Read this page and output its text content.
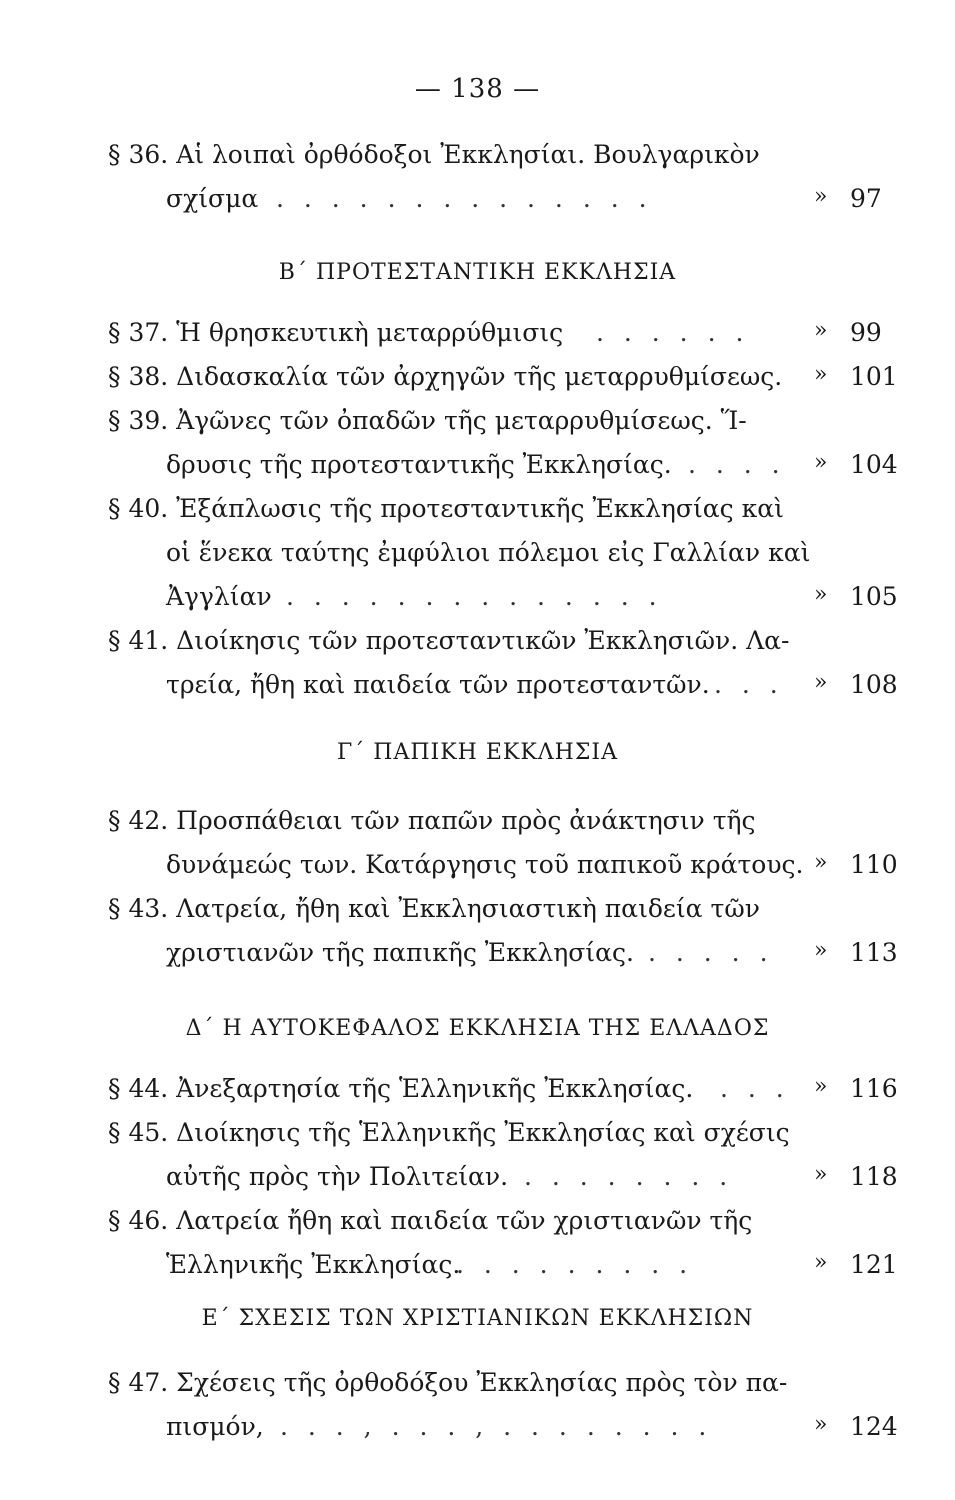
— 138 —
§ 36. Αἱ λοιπαὶ ὀρθόδοξοι Ἐκκλησίαι. Βουλγαρικὸν
σχίσμα . . . . . . . . . . . . . .	» 97
Β΄ ΠΡΟΤΕΣΤΑΝΤΙΚΗ ΕΚΚΛΗΣΙΑ
§ 37. Ἡ θρησκευτικὴ μεταρρύθμισις . . . . . .	» 99
§ 38. Διδασκαλία τῶν ἀρχηγῶν τῆς μεταρρυθμίσεως. » 101
§ 39. Ἀγῶνες τῶν ὀπαδῶν τῆς μεταρρυθμίσεως. Ἵ-
δρυσις τῆς προτεσταντικῆς Ἐκκλησίας. . . . . » 104
§ 40. Ἐξάπλωσις τῆς προτεσταντικῆς Ἐκκλησίας καὶ
οἱ ἕνεκα ταύτης ἐμφύλιοι πόλεμοι εἰς Γαλλίαν καὶ
Ἀγγλίαν . . . . . . . . . . . . . .	» 105
§ 41. Διοίκησις τῶν προτεσταντικῶν Ἐκκλησιῶν. Λα-
τρεία, ἤθη καὶ παιδεία τῶν προτεσταντῶν. . . . » 108
Γ΄ ΠΑΠΙΚΗ ΕΚΚΛΗΣΙΑ
§ 42. Προσπάθειαι τῶν παπῶν πρὸς ἀνάκτησιν τῆς
δυνάμεώς των. Κατάργησις τοῦ παπικοῦ κράτους. » 110
§ 43. Λατρεία, ἤθη καὶ Ἐκκλησιαστικὴ παιδεία τῶν
χριστιανῶν τῆς παπικῆς Ἐκκλησίας. . . . . . » 113
Δ΄ Η ΑΥΤΟΚΕΦΑΛΟΣ ΕΚΚΛΗΣΙΑ ΤΗΣ ΕΛΛΑΔΟΣ
§ 44. Ἀνεξαρτησία τῆς Ἑλληνικῆς Ἐκκλησίας. . . . » 116
§ 45. Διοίκησις τῆς Ἑλληνικῆς Ἐκκλησίας καὶ σχέσις
αὐτῆς πρὸς τὴν Πολιτείαν. . . . . . . . .	» 118
§ 46. Λατρεία ἤθη καὶ παιδεία τῶν χριστιανῶν τῆς
Ἑλληνικῆς Ἐκκλησίας.
. . . . . . . . .	» 121
Ε΄ ΣΧΕΣΙΣ ΤΩΝ ΧΡΙΣΤΙΑΝΙΚΩΝ ΕΚΚΛΗΣΙΩΝ
§ 47. Σχέσεις τῆς ὀρθοδόξου Ἐκκλησίας πρὸς τὸν πα-
πισμόν, . . . , . . . , . . . . . . . .	» 124
